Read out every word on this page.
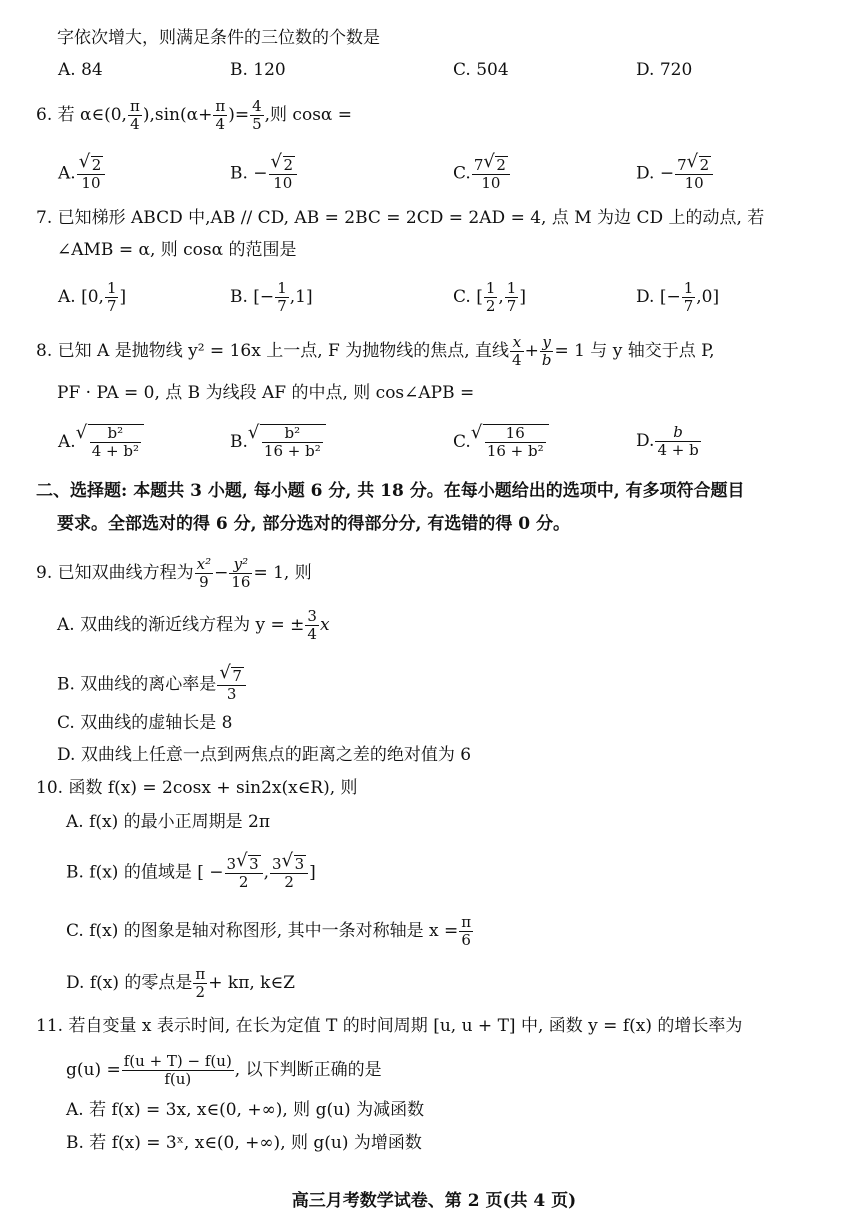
字依次增大，则满足条件的三位数的个数是
A. 84	B. 120	C. 504	D. 720
6. 若 α∈(0, $\frac{\pi}{4} ),\sin(\alpha+ \frac{\pi}{4}$ )= $\frac{4}{5}$ ,则 cosα =
A. √ $\frac{2}{10}$	B. − √ $\frac{2}{10}$	C. $\frac{7 √ 2}{10}$	D. − $\frac{7 √ 2}{10}$
7. 已知梯形 ABCD 中,AB // CD, AB = 2BC = 2CD = 2AD = 4, 点 M 为边 CD 上的动点, 若
∠AMB = α, 则 cosα 的范围是
A. [0, $\frac{1}{7}$ ]	B. [− $\frac{1}{7} ,1$]	C. [ $\frac{1}{2}$ , $\frac{1}{7}$ ]	D. [− $\frac{1}{7} ,0$]
8. 已知 A 是抛物线 y² = 16x 上一点, F 为抛物线的焦点, 直线 $\frac{x}{4} + \frac{y}{b} = 1$ 与 y 轴交于点 P,
PF · PA = 0, 点 B 为线段 AF 的中点, 则 cos∠APB =
A. √ $\frac{\text{b²}}{\text{4 + b²}}$	B. √ $\frac{\text{b²}}{\text{16 + b²}}$	C. √ $\frac{16}{\text{16 + b²}}$	D. $\frac{b}{4 + b}$
二、选择题: 本题共 3 小题, 每小题 6 分, 共 18 分。在每小题给出的选项中, 有多项符合题目
要求。全部选对的得 6 分, 部分选对的得部分分, 有选错的得 0 分。
9. 已知双曲线方程为 $\frac{\text{x²}}{9} - \frac{\text{y²}}{16} = 1$, 则
A. 双曲线的渐近线方程为 y = ± $\frac{3}{4}$ x
B. 双曲线的离心率是 √ $\frac{7}{3}$
C. 双曲线的虚轴长是 8
D. 双曲线上任意一点到两焦点的距离之差的绝对值为 6
10. 函数 f(x) = 2cosx + sin2x(x∈R), 则
A. f(x) 的最小正周期是 2π
B. f(x) 的值域是 [ − $\frac{3 √ 3}{2}$ , $\frac{3 √ 3}{2}$ ]
C. f(x) 的图象是轴对称图形, 其中一条对称轴是 $x = \frac{\pi}{6}$
D. f(x) 的零点是 $\frac{\pi}{2} + k\pi$, k∈Z
11. 若自变量 x 表示时间, 在长为定值 T 的时间周期 [u, u + T] 中, 函数 y = f(x) 的增长率为
$g(u) = \frac{f(u + T) - f(u)}{f(u)}$ , 以下判断正确的是
A. 若 f(x) = 3x, x∈(0, +∞), 则 g(u) 为减函数
B. 若 f(x) = 3ˣ, x∈(0, +∞), 则 g(u) 为增函数
高三月考数学试卷、第 2 页(共 4 页)
